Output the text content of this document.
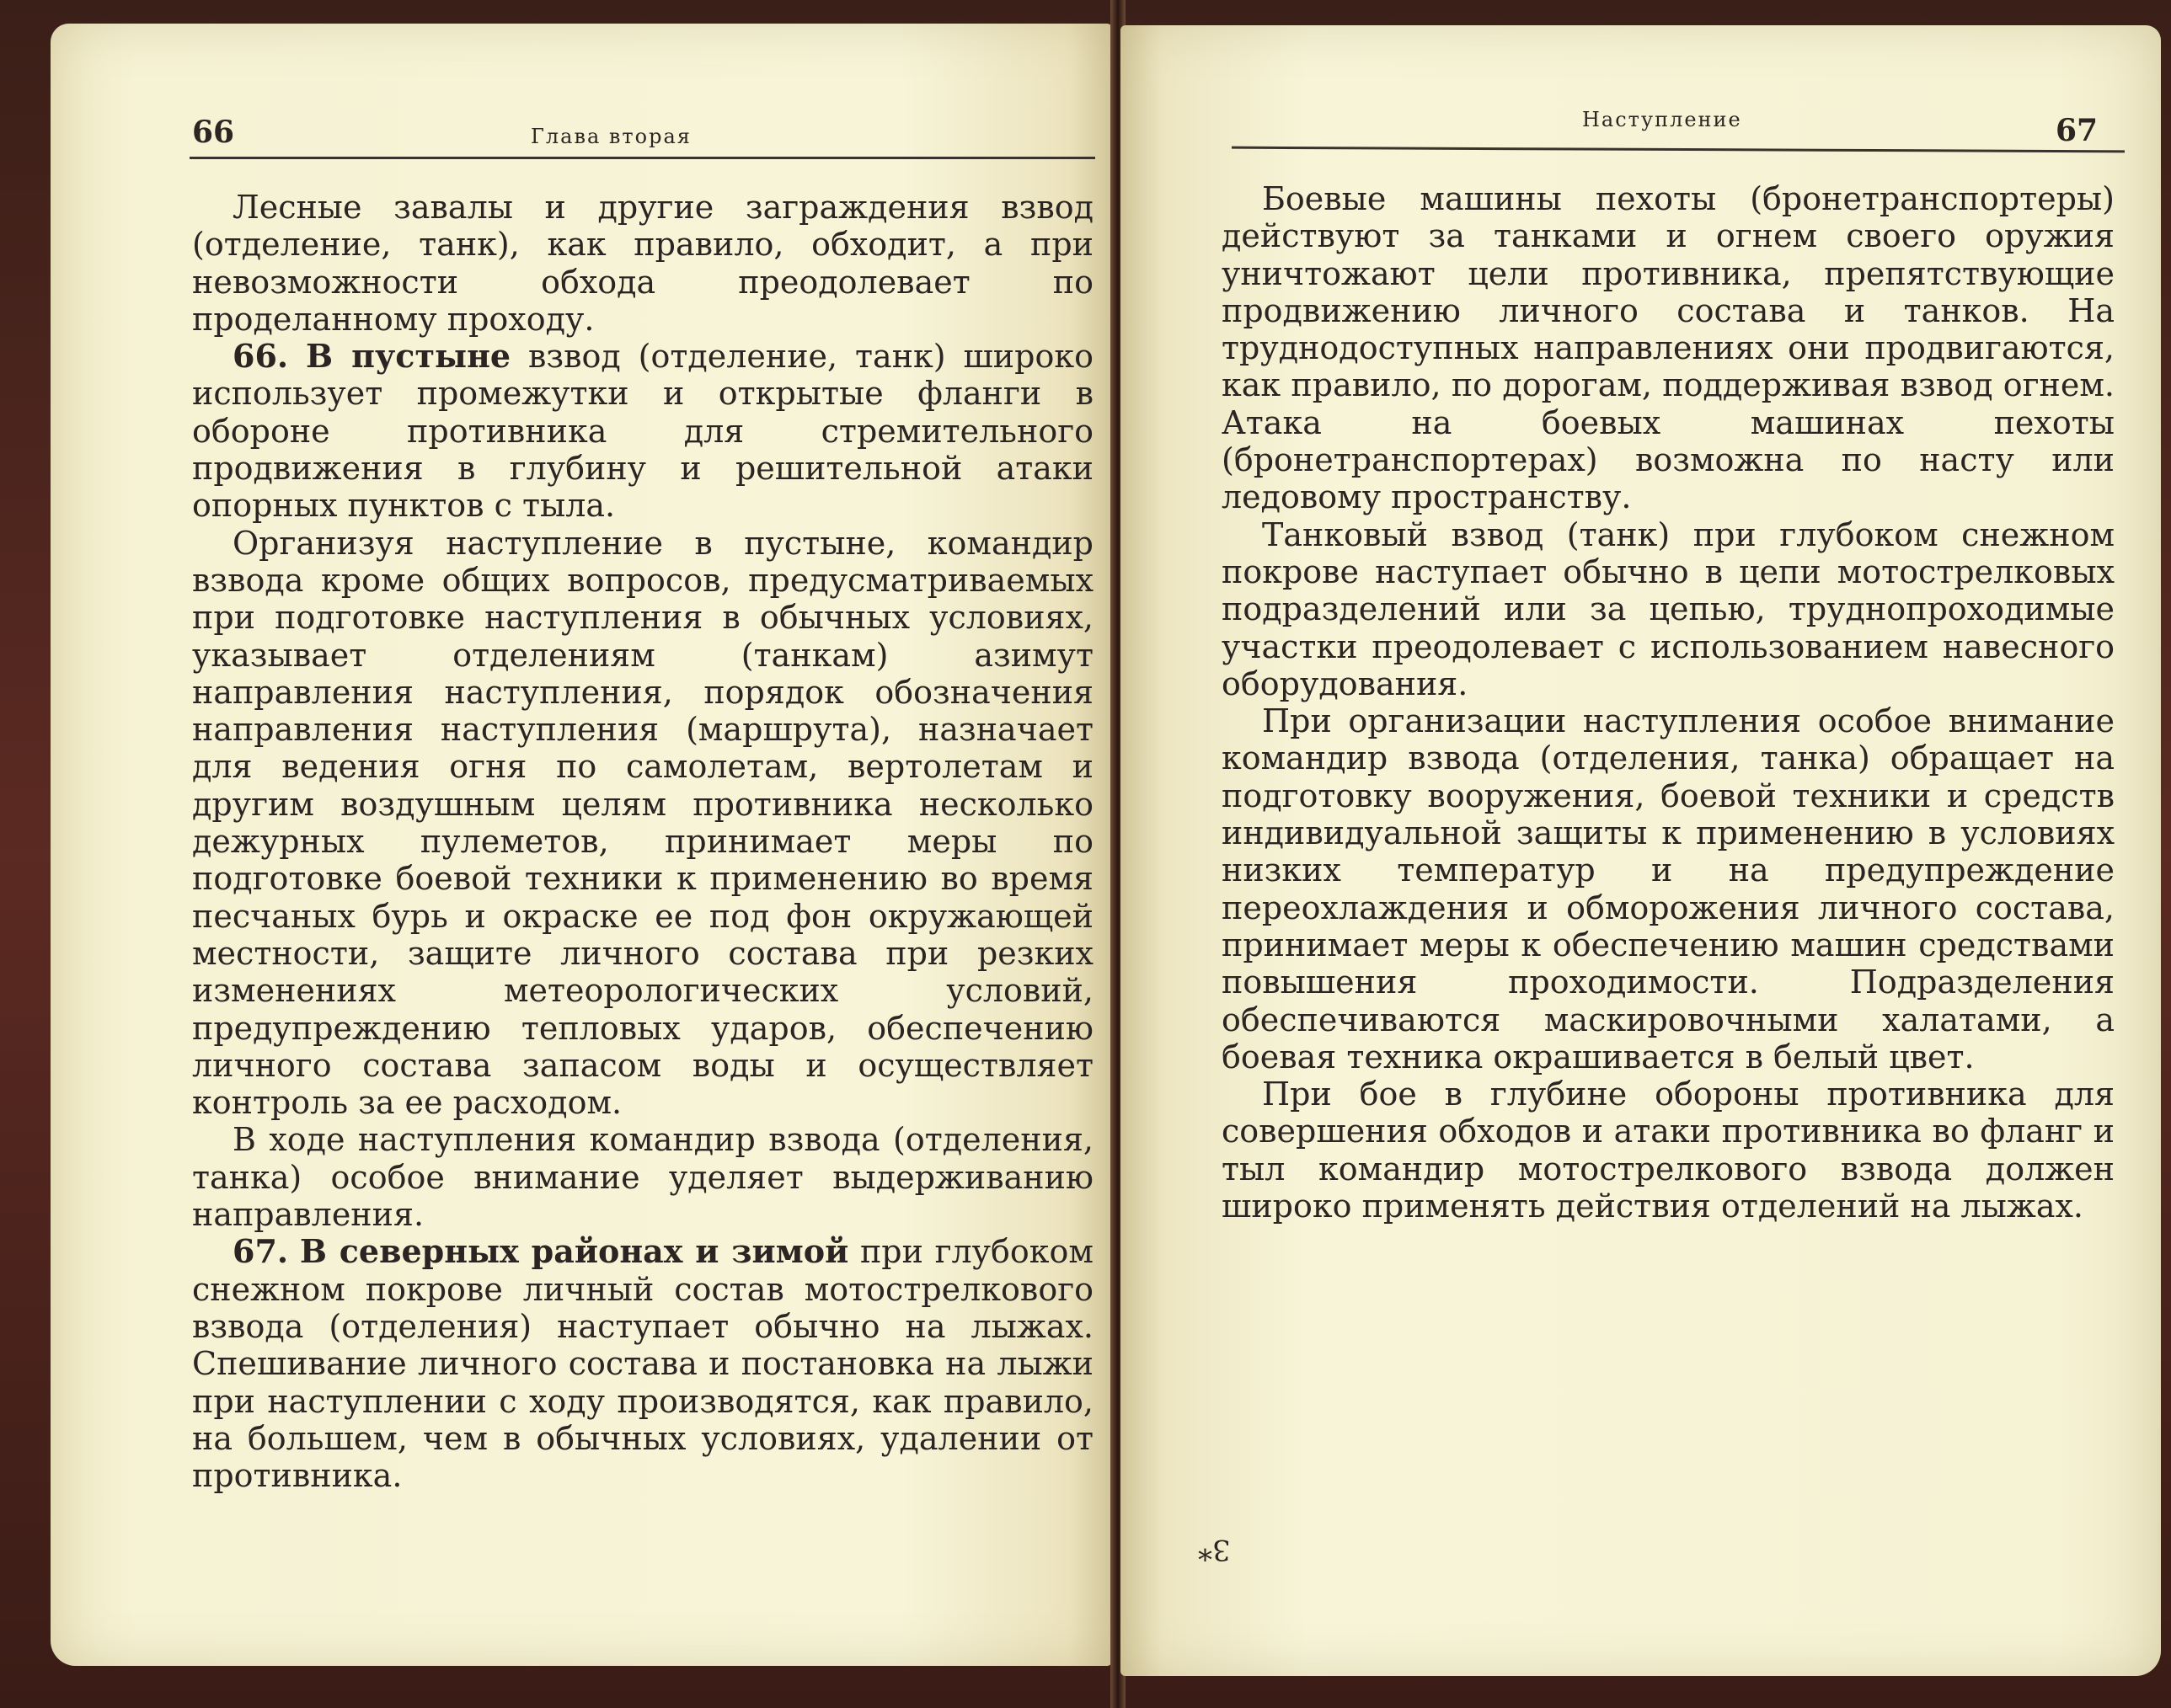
66	Глава вторая

Лесные завалы и другие заграждения взвод (отделение, танк), как правило, обходит, а при невозможности обхода преодолевает по проделанному проходу.

66. В пустыне взвод (отделение, танк) широко использует промежутки и открытые фланги в обороне противника для стремительного продвижения в глубину и решительной атаки опорных пунктов с тыла.

Организуя наступление в пустыне, командир взвода кроме общих вопросов, предусматриваемых при подготовке наступления в обычных условиях, указывает отделениям (танкам) азимут направления наступления, порядок обозначения направления наступления (маршрута), назначает для ведения огня по самолетам, вертолетам и другим воздушным целям противника несколько дежурных пулеметов, принимает меры по подготовке боевой техники к применению во время песчаных бурь и окраске ее под фон окружающей местности, защите личного состава при резких изменениях метеорологических условий, предупреждению тепловых ударов, обеспечению личного состава запасом воды и осуществляет контроль за ее расходом.

В ходе наступления командир взвода (отделения, танка) особое внимание уделяет выдерживанию направления.

67. В северных районах и зимой при глубоком снежном покрове личный состав мотострелкового взвода (отделения) наступает обычно на лыжах. Спешивание личного состава и постановка на лыжи при наступлении с ходу производятся, как правило, на большем, чем в обычных условиях, удалении от противника.

Наступление	67

Боевые машины пехоты (бронетранспортеры) действуют за танками и огнем своего оружия уничтожают цели противника, препятствующие продвижению личного состава и танков. На труднодоступных направлениях они продвигаются, как правило, по дорогам, поддерживая взвод огнем. Атака на боевых машинах пехоты (бронетранспортерах) возможна по насту или ледовому пространству.

Танковый взвод (танк) при глубоком снежном покрове наступает обычно в цепи мотострелковых подразделений или за цепью, труднопроходимые участки преодолевает с использованием навесного оборудования.

При организации наступления особое внимание командир взвода (отделения, танка) обращает на подготовку вооружения, боевой техники и средств индивидуальной защиты к применению в условиях низких температур и на предупреждение переохлаждения и обморожения личного состава, принимает меры к обеспечению машин средствами повышения проходимости. Подразделения обеспечиваются маскировочными халатами, а боевая техника окрашивается в белый цвет.

При бое в глубине обороны противника для совершения обходов и атаки противника во фланг и тыл командир мотострелкового взвода должен широко применять действия отделений на лыжах.

3*
